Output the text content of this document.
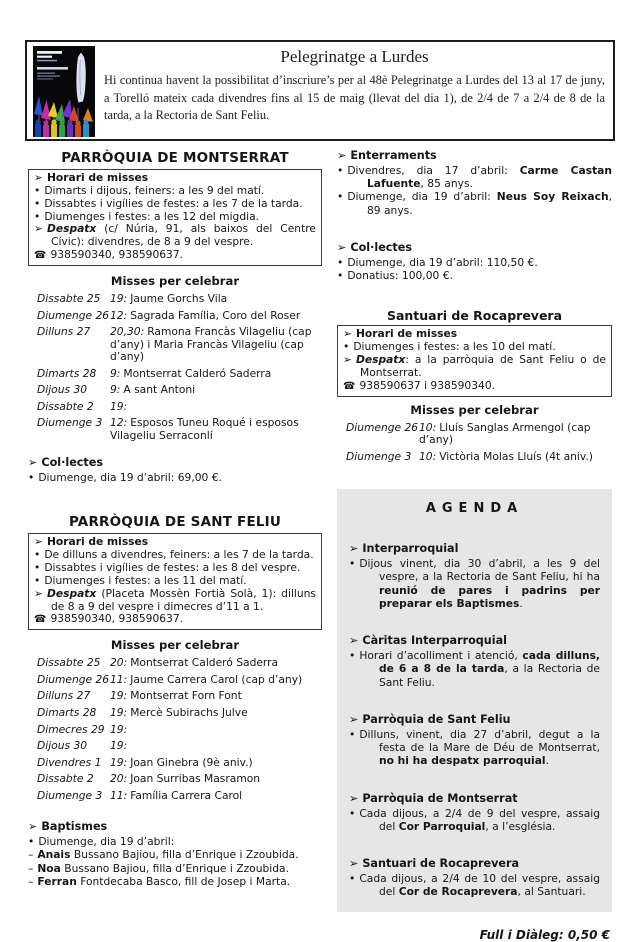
Pelegrinatge a Lurdes
Hi continua havent la possibilitat d’inscriure’s per al 48è Pelegrinatge a Lurdes del 13 al 17 de juny, a Torelló mateix cada divendres fins al 15 de maig (llevat del dia 1), de 2/4 de 7 a 2/4 de 8 de la tarda, a la Rectoria de Sant Feliu.
PARRÒQUIA DE MONTSERRAT
➢ Horari de misses
• Dimarts i dijous, feiners: a les 9 del matí.
• Dissabtes i vigílies de festes: a les 7 de la tarda.
• Diumenges i festes: a les 12 del migdia.
➢ Despatx (c/ Núria, 91, als baixos del Centre Cívic): divendres, de 8 a 9 del vespre.
☎ 938590340, 938590637.
Misses per celebrar
Dissabte 25	19: Jaume Gorchs Vila
Diumenge 26	12: Sagrada Família, Coro del Roser
Dilluns 27	20,30: Ramona Francàs Vilageliu (cap d’any) i Maria Francàs Vilageliu (cap d’any)
Dimarts 28	9: Montserrat Calderó Saderra
Dijous 30	9: A sant Antoni
Dissabte 2	19:
Diumenge 3	12: Esposos Tuneu Roqué i esposos Vilageliu Serraconlí
➢ Col·lectes
• Diumenge, dia 19 d’abril: 69,00 €.
PARRÒQUIA DE SANT FELIU
➢ Horari de misses
• De dilluns a divendres, feiners: a les 7 de la tarda.
• Dissabtes i vigílies de festes: a les 8 del vespre.
• Diumenges i festes: a les 11 del matí.
➢ Despatx (Placeta Mossèn Fortià Solà, 1): dilluns de 8 a 9 del vespre i dimecres d’11 a 1.
☎ 938590340, 938590637.
Misses per celebrar
Dissabte 25	20: Montserrat Calderó Saderra
Diumenge 26	11: Jaume Carrera Carol (cap d’any)
Dilluns 27	19: Montserrat Forn Font
Dimarts 28	19: Mercè Subirachs Julve
Dimecres 29	19:
Dijous 30	19:
Divendres 1	19: Joan Ginebra (9è aniv.)
Dissabte 2	20: Joan Surribas Masramon
Diumenge 3	11: Família Carrera Carol
➢ Baptismes
• Diumenge, dia 19 d’abril:
– Anais Bussano Bajiou, filla d’Enrique i Zzoubida.
– Noa Bussano Bajiou, filla d’Enrique i Zzoubida.
– Ferran Fontdecaba Basco, fill de Josep i Marta.
➢ Enterraments
• Divendres, dia 17 d’abril: Carme Castan Lafuente, 85 anys.
• Diumenge, dia 19 d’abril: Neus Soy Reixach, 89 anys.
➢ Col·lectes
• Diumenge, dia 19 d’abril: 110,50 €.
• Donatius: 100,00 €.
Santuari de Rocaprevera
➢ Horari de misses
• Diumenges i festes: a les 10 del matí.
➢ Despatx: a la parròquia de Sant Feliu o de Montserrat.
☎ 938590637 i 938590340.
Misses per celebrar
Diumenge 26	10: Lluís Sanglas Armengol (cap d’any)
Diumenge 3	10: Victòria Molas Lluís (4t aniv.)
AGENDA
➢ Interparroquial
• Dijous vinent, dia 30 d’abril, a les 9 del vespre, a la Rectoria de Sant Feliu, hi ha reunió de pares i padrins per preparar els Baptismes.
➢ Càritas Interparroquial
• Horari d’acolliment i atenció, cada dilluns, de 6 a 8 de la tarda, a la Rectoria de Sant Feliu.
➢ Parròquia de Sant Feliu
• Dilluns, vinent, dia 27 d’abril, degut a la festa de la Mare de Déu de Montserrat, no hi ha despatx parroquial.
➢ Parròquia de Montserrat
• Cada dijous, a 2/4 de 9 del vespre, assaig del Cor Parroquial, a l’església.
➢ Santuari de Rocaprevera
• Cada dijous, a 2/4 de 10 del vespre, assaig del Cor de Rocaprevera, al Santuari.
Full i Diàleg: 0,50 €
